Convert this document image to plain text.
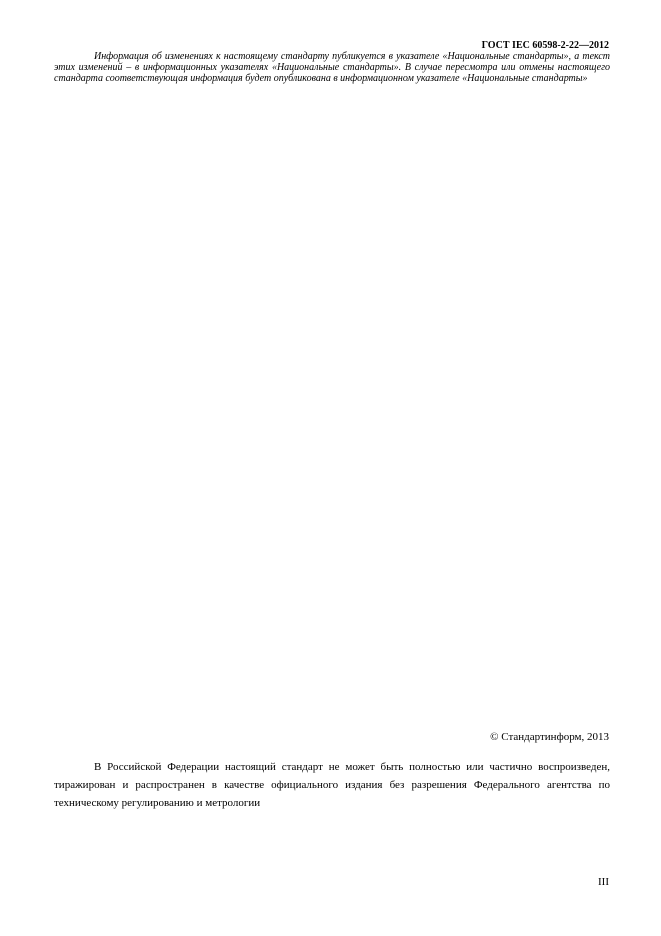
ГОСТ IEC 60598-2-22—2012
Информация об изменениях к настоящему стандарту публикуется в указателе «Национальные стандарты», а текст этих изменений – в информационных указателях «Национальные стандарты». В случае пересмотра или отмены настоящего стандарта соответствующая информация будет опубликована в информационном указателе «Национальные стандарты»
© Стандартинформ, 2013
В Российской Федерации настоящий стандарт не может быть полностью или частично воспроизведен, тиражирован и распространен в качестве официального издания без разрешения Федерального агентства по техническому регулированию и метрологии
III
